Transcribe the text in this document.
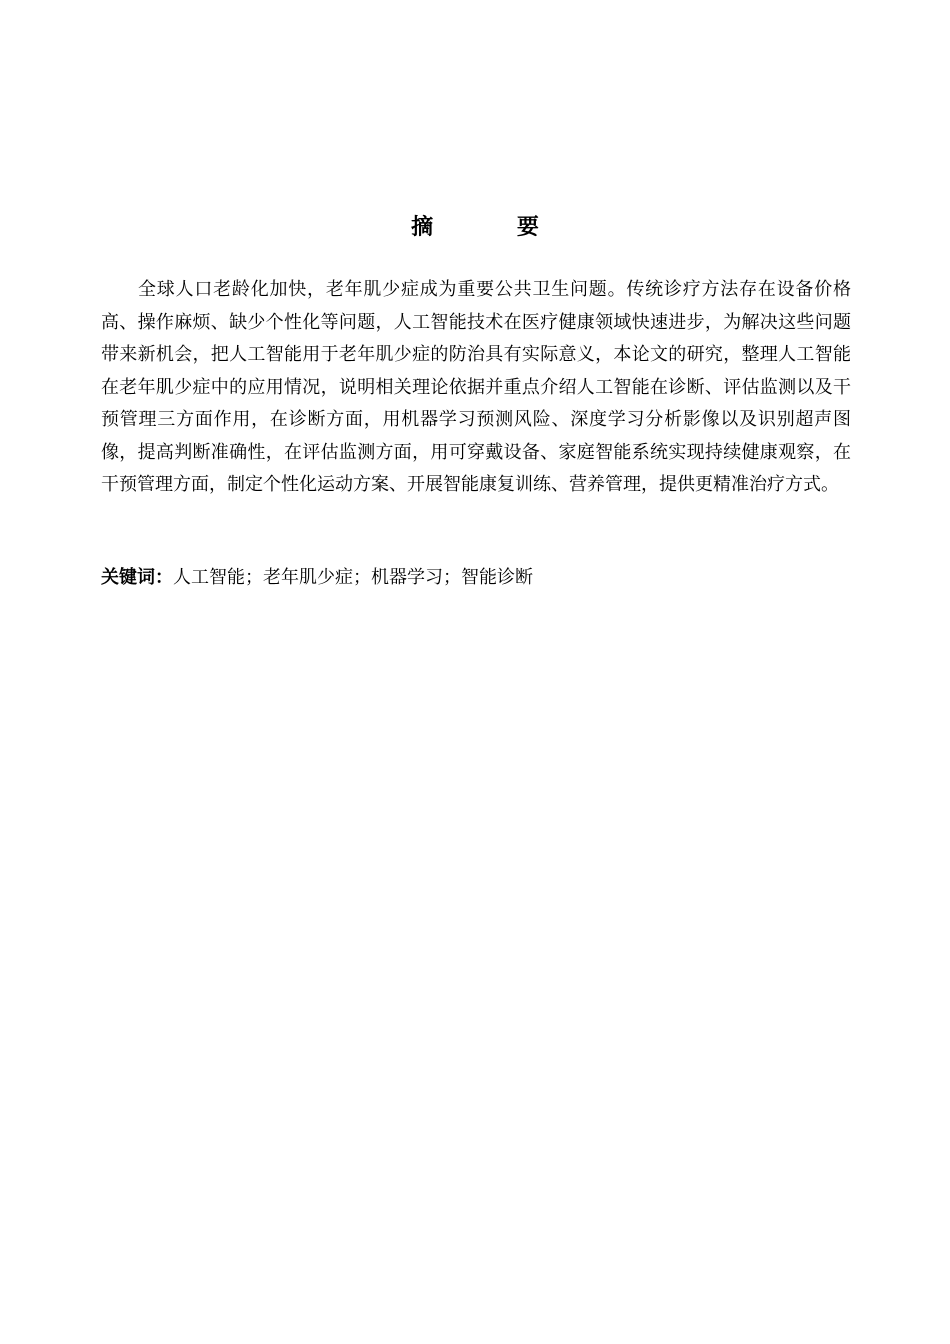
摘 要

全球人口老龄化加快，老年肌少症成为重要公共卫生问题。传统诊疗方法存在设备价格高、操作麻烦、缺少个性化等问题，人工智能技术在医疗健康领域快速进步，为解决这些问题带来新机会，把人工智能用于老年肌少症的防治具有实际意义，本论文的研究，整理人工智能在老年肌少症中的应用情况，说明相关理论依据并重点介绍人工智能在诊断、评估监测以及干预管理三方面作用，在诊断方面，用机器学习预测风险、深度学习分析影像以及识别超声图像，提高判断准确性，在评估监测方面，用可穿戴设备、家庭智能系统实现持续健康观察，在干预管理方面，制定个性化运动方案、开展智能康复训练、营养管理，提供更精准治疗方式。

关键词：人工智能；老年肌少症；机器学习；智能诊断
